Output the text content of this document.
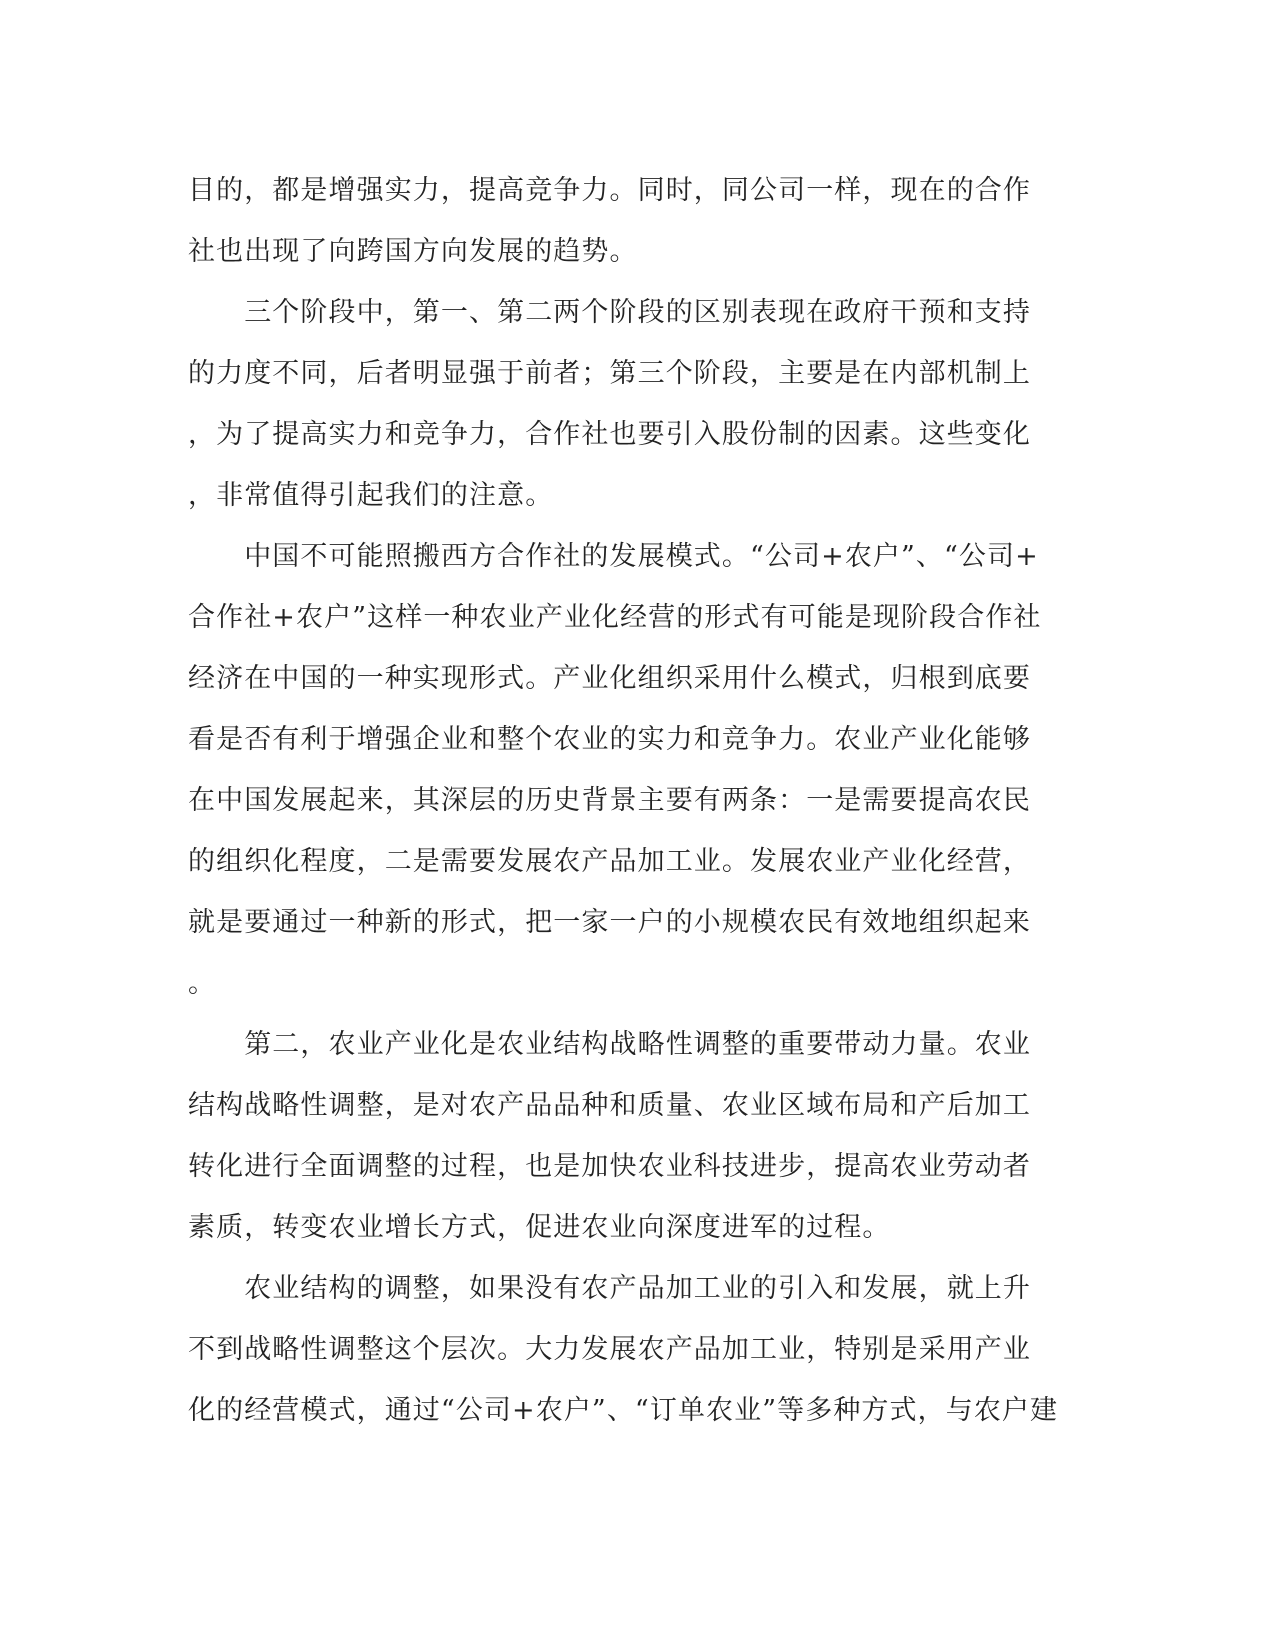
目的，都是增强实力，提高竞争力。同时，同公司一样，现在的合作
社也出现了向跨国方向发展的趋势。
　　三个阶段中，第一、第二两个阶段的区别表现在政府干预和支持
的力度不同，后者明显强于前者；第三个阶段，主要是在内部机制上
，为了提高实力和竞争力，合作社也要引入股份制的因素。这些变化
，非常值得引起我们的注意。
　　中国不可能照搬西方合作社的发展模式。“公司+农户”、“公司+
合作社+农户”这样一种农业产业化经营的形式有可能是现阶段合作社
经济在中国的一种实现形式。产业化组织采用什么模式，归根到底要
看是否有利于增强企业和整个农业的实力和竞争力。农业产业化能够
在中国发展起来，其深层的历史背景主要有两条：一是需要提高农民
的组织化程度，二是需要发展农产品加工业。发展农业产业化经营，
就是要通过一种新的形式，把一家一户的小规模农民有效地组织起来
。
　　第二，农业产业化是农业结构战略性调整的重要带动力量。农业
结构战略性调整，是对农产品品种和质量、农业区域布局和产后加工
转化进行全面调整的过程，也是加快农业科技进步，提高农业劳动者
素质，转变农业增长方式，促进农业向深度进军的过程。
　　农业结构的调整，如果没有农产品加工业的引入和发展，就上升
不到战略性调整这个层次。大力发展农产品加工业，特别是采用产业
化的经营模式，通过“公司+农户”、“订单农业”等多种方式，与农户建
